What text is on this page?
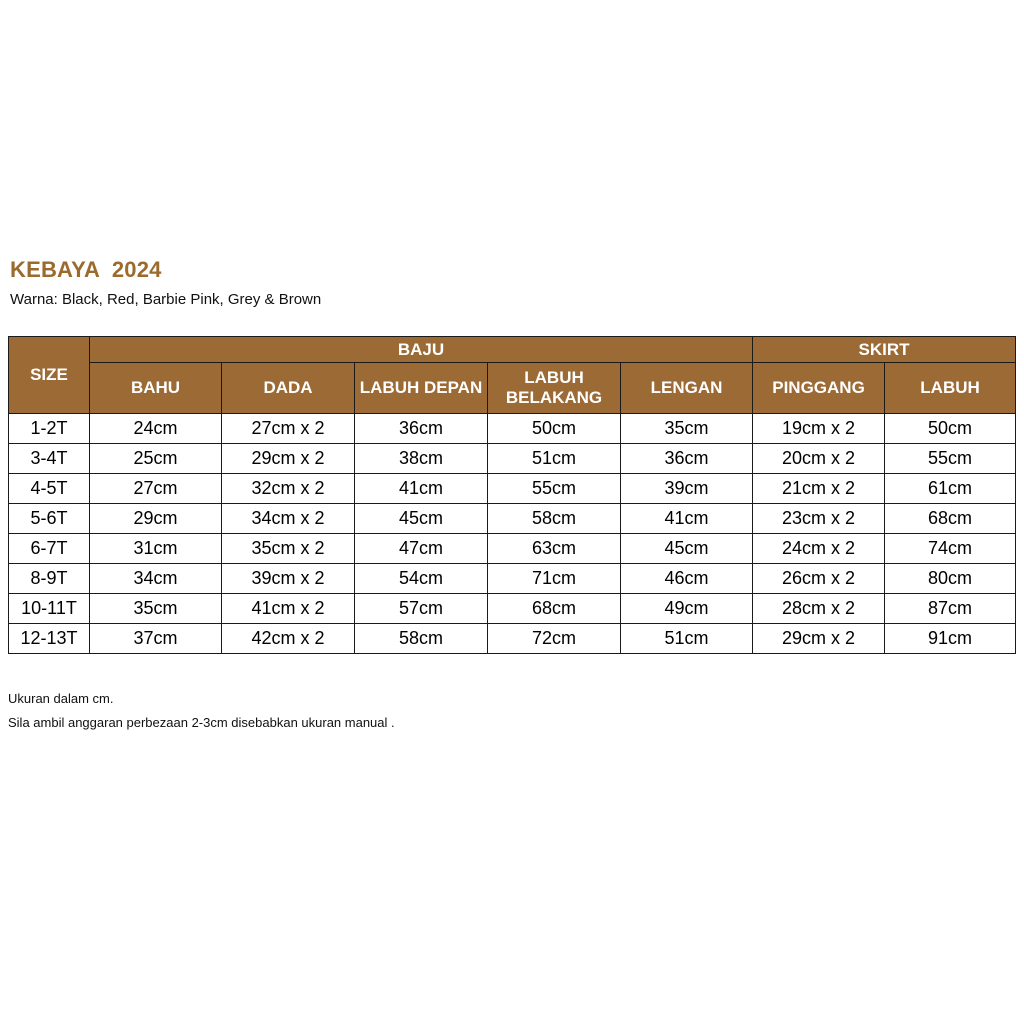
KEBAYA  2024
Warna: Black, Red, Barbie Pink, Grey & Brown
SIZE	BAJU					SKIRT	
	BAHU	DADA	LABUH DEPAN	LABUH BELAKANG	LENGAN	PINGGANG	LABUH
1-2T	24cm	27cm x 2	36cm	50cm	35cm	19cm x 2	50cm
3-4T	25cm	29cm x 2	38cm	51cm	36cm	20cm x 2	55cm
4-5T	27cm	32cm x 2	41cm	55cm	39cm	21cm x 2	61cm
5-6T	29cm	34cm x 2	45cm	58cm	41cm	23cm x 2	68cm
6-7T	31cm	35cm x 2	47cm	63cm	45cm	24cm x 2	74cm
8-9T	34cm	39cm x 2	54cm	71cm	46cm	26cm x 2	80cm
10-11T	35cm	41cm x 2	57cm	68cm	49cm	28cm x 2	87cm
12-13T	37cm	42cm x 2	58cm	72cm	51cm	29cm x 2	91cm
Ukuran dalam cm.
Sila ambil anggaran perbezaan 2-3cm disebabkan ukuran manual .
